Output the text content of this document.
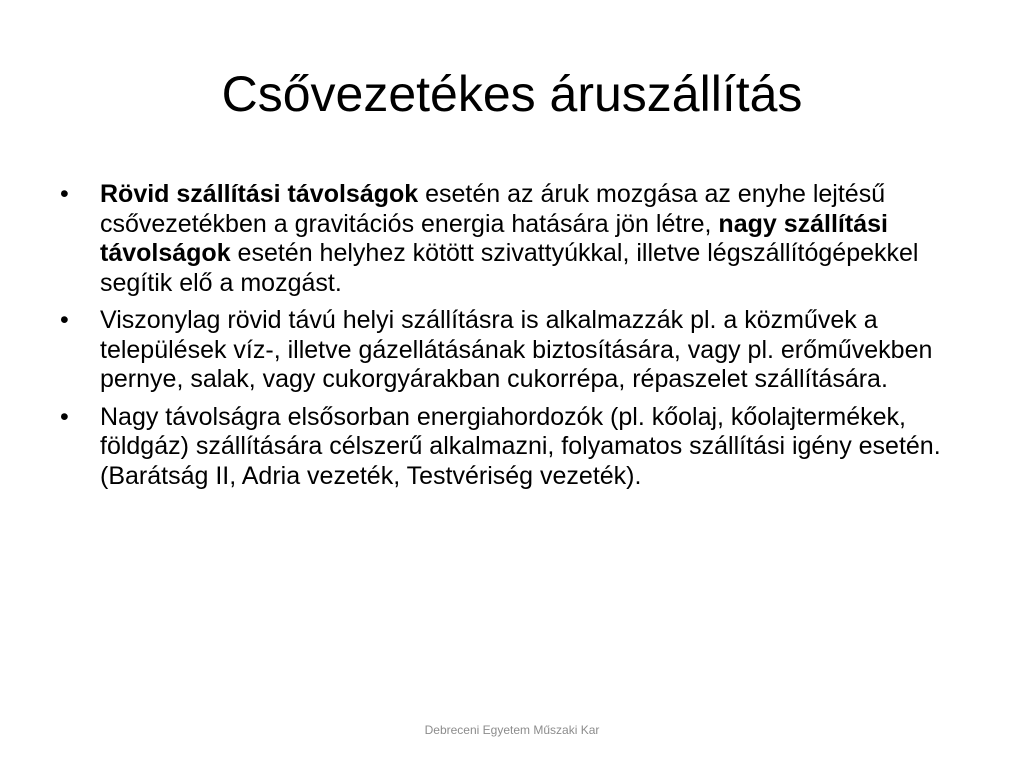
Csővezetékes áruszállítás
• Rövid szállítási távolságok esetén az áruk mozgása az enyhe lejtésű csővezetékben a gravitációs energia hatására jön létre, nagy szállítási távolságok esetén helyhez kötött szivattyúkkal, illetve légszállítógépekkel segítik elő a mozgást.
• Viszonylag rövid távú helyi szállításra is alkalmazzák pl. a közművek a települések víz-, illetve gázellátásának biztosítására, vagy pl. erőművekben pernye, salak, vagy cukorgyárakban cukorrépa, répaszelet szállítására.
• Nagy távolságra elsősorban energiahordozók (pl. kőolaj, kőolajtermékek, földgáz) szállítására célszerű alkalmazni, folyamatos szállítási igény esetén. (Barátság II, Adria vezeték, Testvériség vezeték).
Debreceni Egyetem Műszaki Kar
